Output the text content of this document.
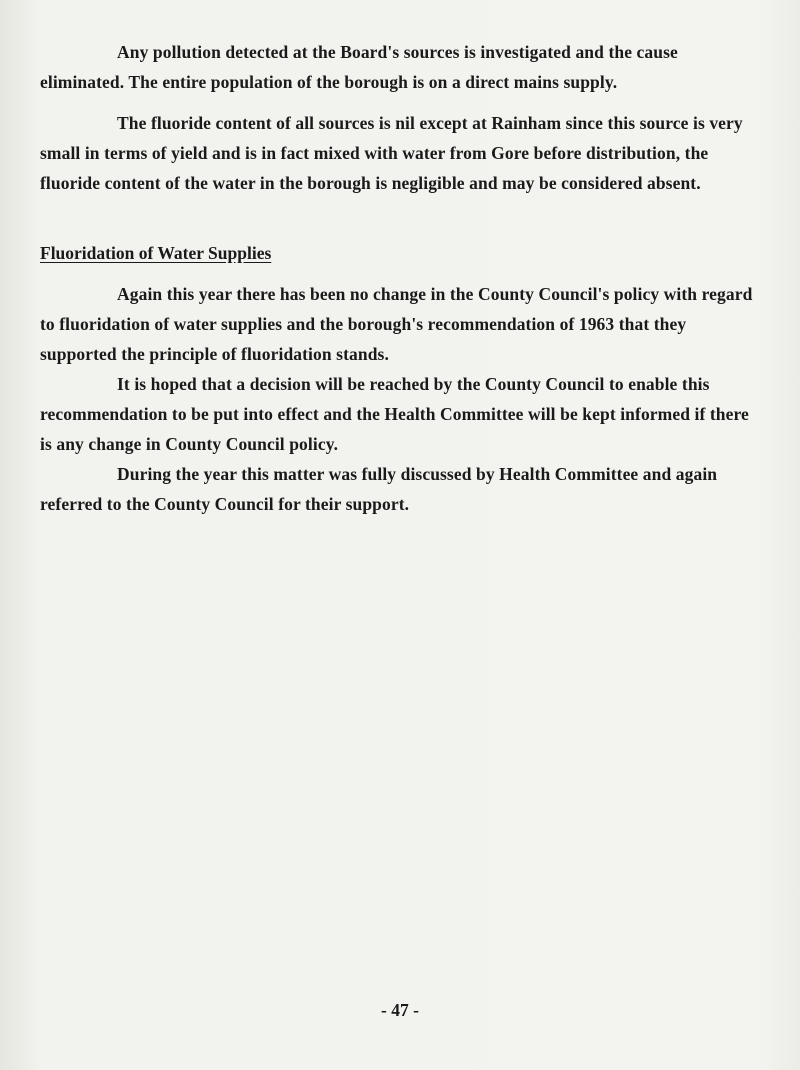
Any pollution detected at the Board's sources is investigated and the cause eliminated. The entire population of the borough is on a direct mains supply.

The fluoride content of all sources is nil except at Rainham since this source is very small in terms of yield and is in fact mixed with water from Gore before distribution, the fluoride content of the water in the borough is negligible and may be considered absent.

Fluoridation of Water Supplies

Again this year there has been no change in the County Council's policy with regard to fluoridation of water supplies and the borough's recommendation of 1963 that they supported the principle of fluoridation stands.

It is hoped that a decision will be reached by the County Council to enable this recommendation to be put into effect and the Health Committee will be kept informed if there is any change in County Council policy.

During the year this matter was fully discussed by Health Committee and again referred to the County Council for their support.

- 47 -
